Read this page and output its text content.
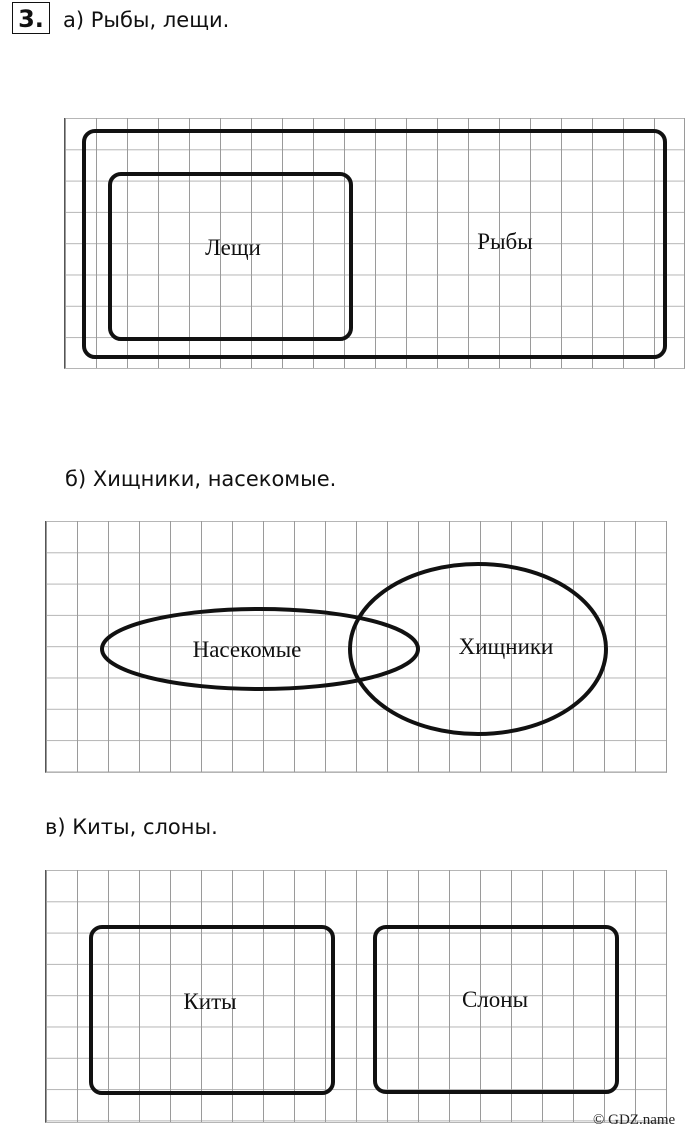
3. а) Рыбы, лещи.
Лещи	Рыбы
б) Хищники, насекомые.
Насекомые	Хищники
в) Киты, слоны.
Киты	Слоны
© GDZ.name
